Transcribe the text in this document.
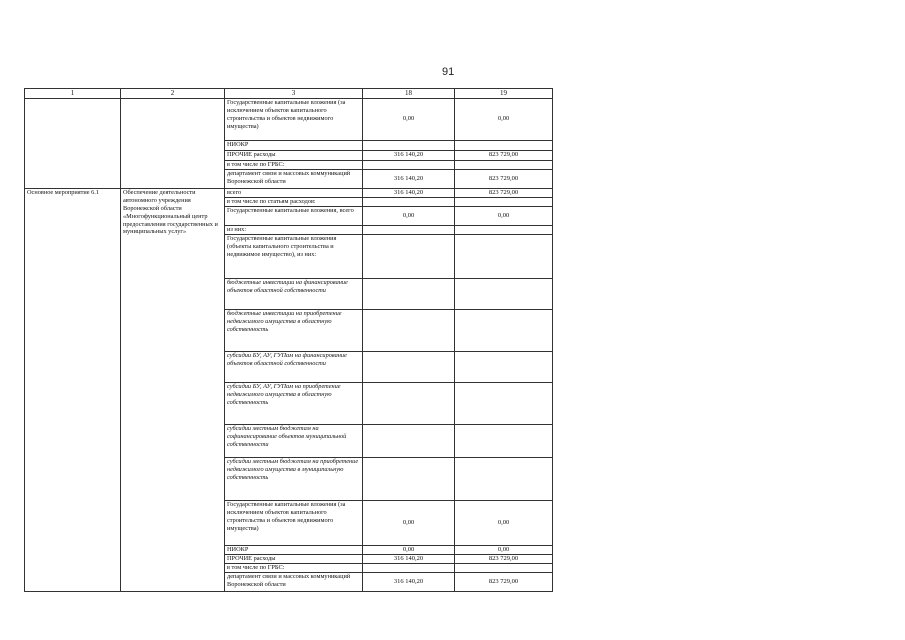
91
1	2	3	18	19
		Государственные капитальные вложения (за исключением объектов капитального строительства и объектов недвижимого имущества)	0,00	0,00
		НИОКР		
		ПРОЧИЕ расходы	316 140,20	823 729,00
		в том числе по ГРБС:		
		департамент связи и массовых коммуникаций Воронежской области	316 140,20	823 729,00
Основное мероприятие 6.1	Обеспечение деятельности автономного учреждения Воронежской области «Многофункциональный центр предоставления государственных и муниципальных услуг»	всего	316 140,20	823 729,00
		в том числе по статьям расходов:		
		Государственные капитальные вложения, всего	0,00	0,00
		из них:		
		Государственные капитальные вложения (объекты капитального строительства и недвижимое имущество), из них:		
		бюджетные инвестиции на финансирование объектов областной собственности		
		бюджетные инвестиции на приобретение недвижимого имущества в областную собственность		
		субсидии БУ, АУ, ГУПам на финансирование объектов областной собственности		
		субсидии БУ, АУ, ГУПам на приобретение недвижимого имущества в областную собственность		
		субсидии местным бюджетам на софинансирование объектов муниципальной собственности		
		субсидии местным бюджетам на приобретение недвижимого имущества в муниципальную собственность		
		Государственные капитальные вложения (за исключением объектов капитального строительства и объектов недвижимого имущества)	0,00	0,00
		НИОКР	0,00	0,00
		ПРОЧИЕ расходы	316 140,20	823 729,00
		в том числе по ГРБС:		
		департамент связи и массовых коммуникаций Воронежской области	316 140,20	823 729,00
